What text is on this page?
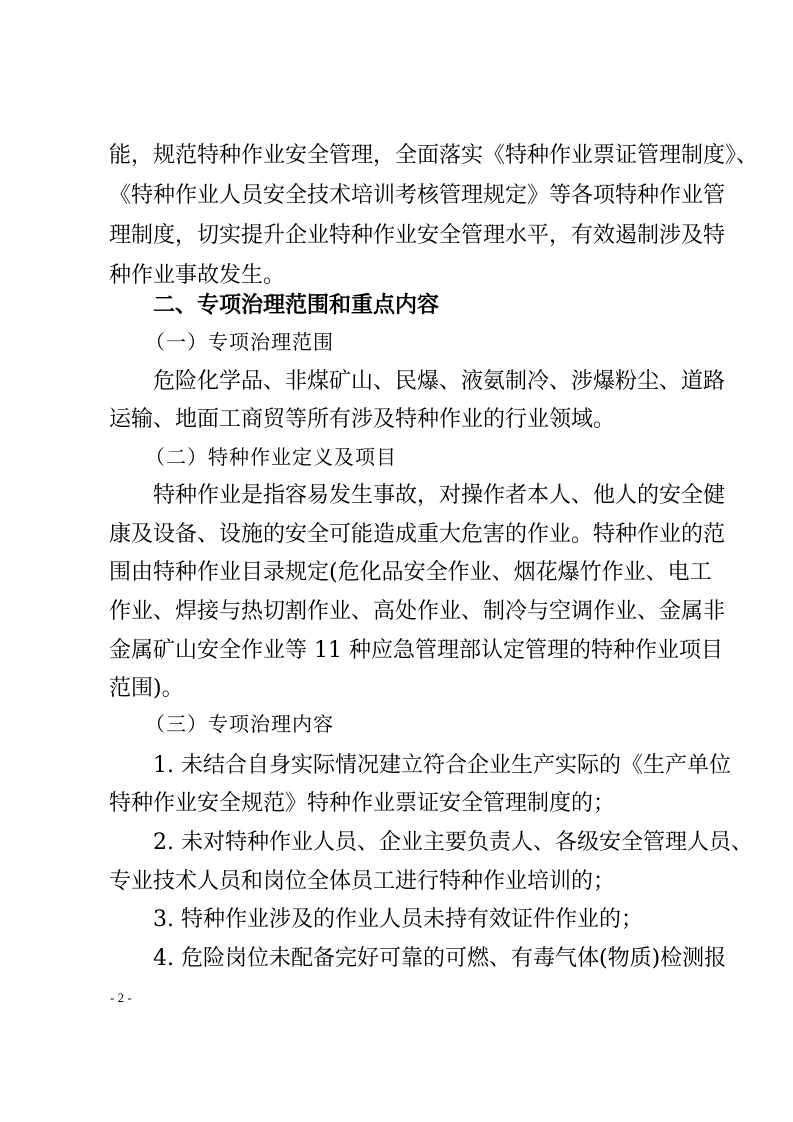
能，规范特种作业安全管理，全面落实《特种作业票证管理制度》、
《特种作业人员安全技术培训考核管理规定》等各项特种作业管
理制度，切实提升企业特种作业安全管理水平，有效遏制涉及特
种作业事故发生。
二、专项治理范围和重点内容
（一）专项治理范围
危险化学品、非煤矿山、民爆、液氨制冷、涉爆粉尘、道路
运输、地面工商贸等所有涉及特种作业的行业领域。
（二）特种作业定义及项目
特种作业是指容易发生事故，对操作者本人、他人的安全健
康及设备、设施的安全可能造成重大危害的作业。特种作业的范
围由特种作业目录规定(危化品安全作业、烟花爆竹作业、电工
作业、焊接与热切割作业、高处作业、制冷与空调作业、金属非
金属矿山安全作业等 11 种应急管理部认定管理的特种作业项目
范围)。
（三）专项治理内容
1. 未结合自身实际情况建立符合企业生产实际的《生产单位
特种作业安全规范》特种作业票证安全管理制度的；
2. 未对特种作业人员、企业主要负责人、各级安全管理人员、
专业技术人员和岗位全体员工进行特种作业培训的；
3. 特种作业涉及的作业人员未持有效证件作业的；
4. 危险岗位未配备完好可靠的可燃、有毒气体(物质)检测报
- 2 -
